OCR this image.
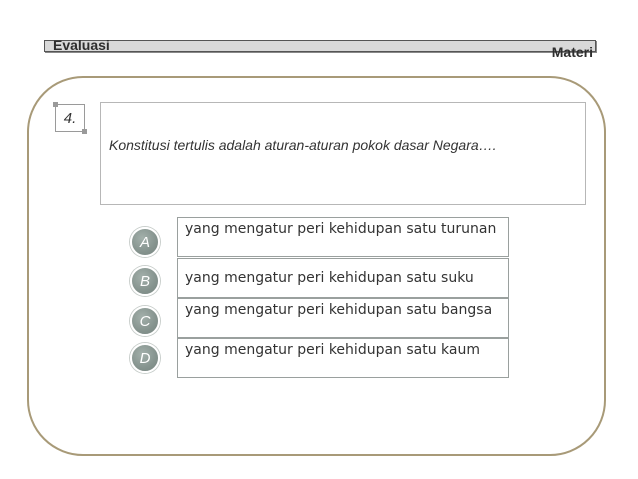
Evaluasi	Materi
4.
Konstitusi tertulis adalah aturan-aturan pokok dasar Negara….
A
yang mengatur peri kehidupan satu turunan
B	yang mengatur peri kehidupan satu suku
C
yang mengatur peri kehidupan satu bangsa
D	yang mengatur peri kehidupan satu kaum
